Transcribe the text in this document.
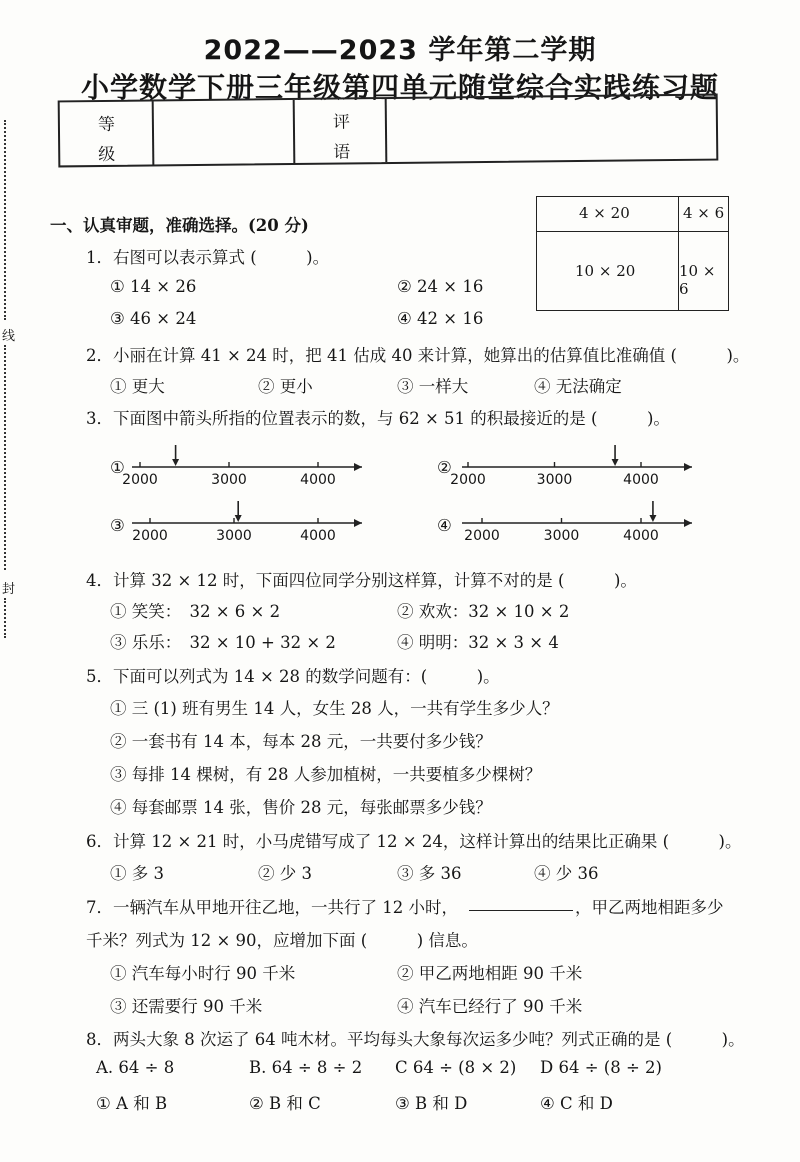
2022——2023 学年第二学期
小学数学下册三年级第四单元随堂综合实践练习题
等
级
评
语
线
封
4 × 20	4 × 6
10 × 20	10 × 6
一、认真审题，准确选择。(20 分)
1．右图可以表示算式 (　　　)。
① 14 × 26	② 24 × 16
③ 46 × 24	④ 42 × 16
2．小丽在计算 41 × 24 时，把 41 估成 40 来计算，她算出的估算值比准确值 (　　　)。
① 更大	② 更小	③ 一样大	④ 无法确定
3．下面图中箭头所指的位置表示的数，与 62 × 51 的积最接近的是 (　　　)。
①	②
③	④
2000	3000	4000	2000	3000	4000
2000	3000	4000	2000	3000	4000
4．计算 32 × 12 时，下面四位同学分别这样算，计算不对的是 (　　　)。
① 笑笑：　32 × 6 × 2	② 欢欢：32 × 10 × 2
③ 乐乐：　32 × 10 + 32 × 2	④ 明明：32 × 3 × 4
5．下面可以列式为 14 × 28 的数学问题有：(　　　)。
① 三 (1) 班有男生 14 人，女生 28 人，一共有学生多少人？
② 一套书有 14 本，每本 28 元，一共要付多少钱？
③ 每排 14 棵树，有 28 人参加植树，一共要植多少棵树？
④ 每套邮票 14 张，售价 28 元，每张邮票多少钱？
6．计算 12 × 21 时，小马虎错写成了 12 × 24，这样计算出的结果比正确果 (　　　)。
① 多 3	② 少 3	③ 多 36	④ 少 36
7．一辆汽车从甲地开往乙地，一共行了 12 小时，	，甲乙两地相距多少
千米？列式为 12 × 90，应增加下面 (　　　) 信息。
① 汽车每小时行 90 千米	② 甲乙两地相距 90 千米
③ 还需要行 90 千米	④ 汽车已经行了 90 千米
8．两头大象 8 次运了 64 吨木材。平均每头大象每次运多少吨？列式正确的是 (　　　)。
A. 64 ÷ 8	B. 64 ÷ 8 ÷ 2 C 64 ÷ (8 × 2) D 64 ÷ (8 ÷ 2)
① A 和 B	② B 和 C	③ B 和 D	④ C 和 D
